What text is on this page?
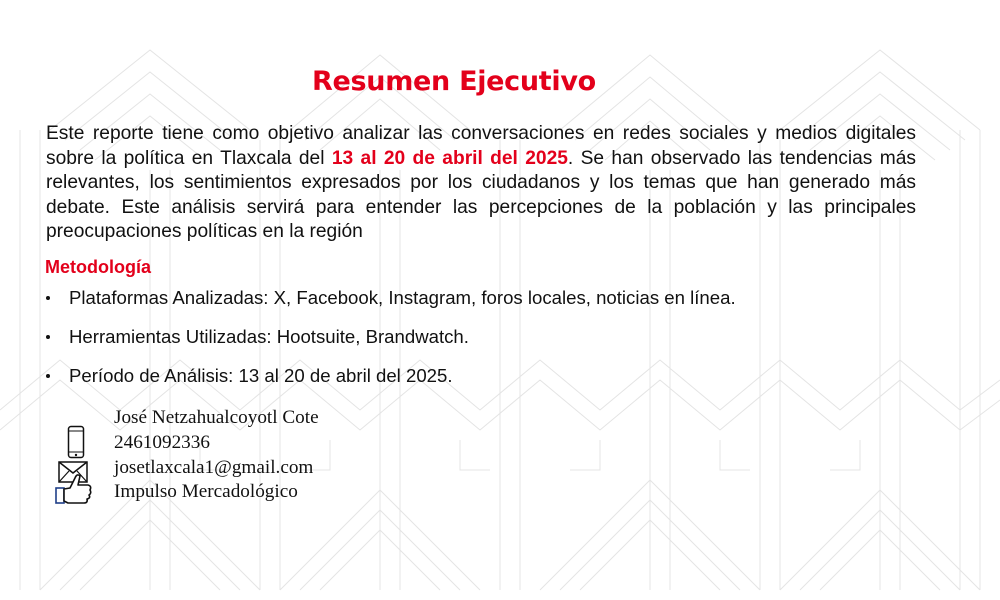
Resumen Ejecutivo

Este reporte tiene como objetivo analizar las conversaciones en redes sociales y medios digitales sobre la política en Tlaxcala del 13 al 20 de abril del 2025. Se han observado las tendencias más relevantes, los sentimientos expresados por los ciudadanos y los temas que han generado más debate. Este análisis servirá para entender las percepciones de la población y las principales preocupaciones políticas en la región

Metodología
Plataformas Analizadas: X, Facebook, Instagram, foros locales, noticias en línea.
Herramientas Utilizadas: Hootsuite, Brandwatch.
Período de Análisis: 13 al 20 de abril del 2025.
José Netzahualcoyotl Cote
2461092336
josetlaxcala1@gmail.com
Impulso Mercadológico
